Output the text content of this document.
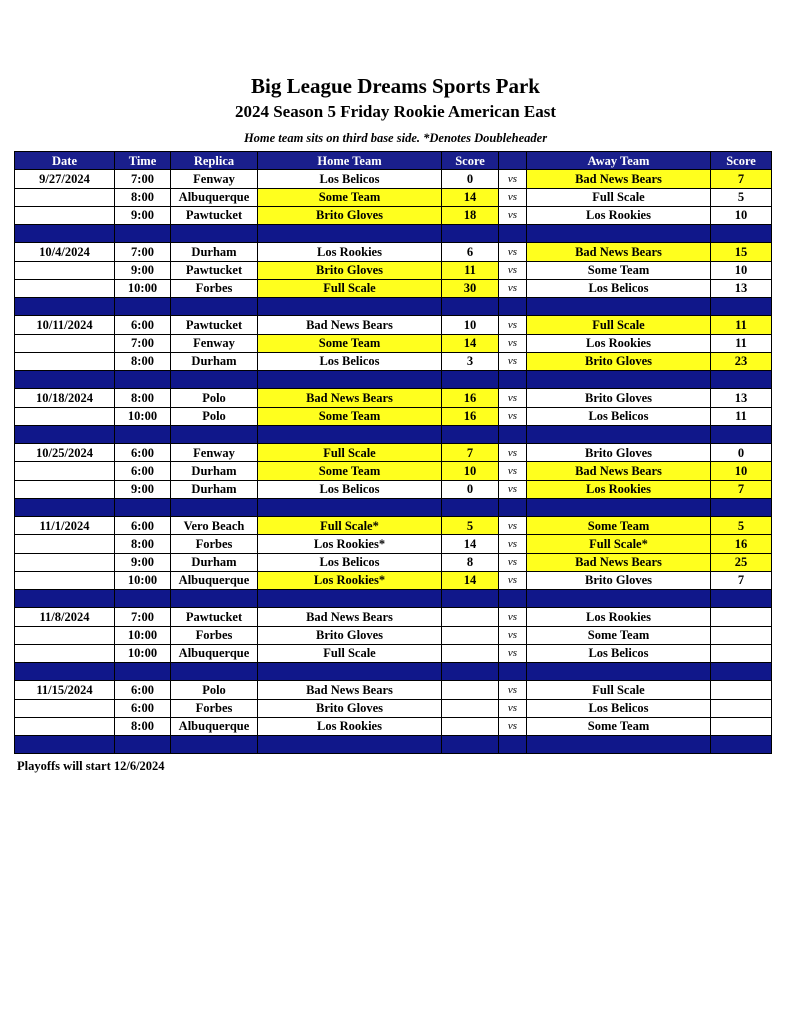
Big League Dreams Sports Park
2024 Season 5 Friday Rookie American East
Home team sits on third base side. *Denotes Doubleheader
Date	Time	Replica	Home Team	Score		Away Team	Score
9/27/2024	7:00	Fenway	Los Belicos	0	vs	Bad News Bears	7
	8:00	Albuquerque	Some Team	14	vs	Full Scale	5
	9:00	Pawtucket	Brito Gloves	18	vs	Los Rookies	10

10/4/2024	7:00	Durham	Los Rookies	6	vs	Bad News Bears	15
	9:00	Pawtucket	Brito Gloves	11	vs	Some Team	10
	10:00	Forbes	Full Scale	30	vs	Los Belicos	13

10/11/2024	6:00	Pawtucket	Bad News Bears	10	vs	Full Scale	11
	7:00	Fenway	Some Team	14	vs	Los Rookies	11
	8:00	Durham	Los Belicos	3	vs	Brito Gloves	23

10/18/2024	8:00	Polo	Bad News Bears	16	vs	Brito Gloves	13
	10:00	Polo	Some Team	16	vs	Los Belicos	11

10/25/2024	6:00	Fenway	Full Scale	7	vs	Brito Gloves	0
	6:00	Durham	Some Team	10	vs	Bad News Bears	10
	9:00	Durham	Los Belicos	0	vs	Los Rookies	7

11/1/2024	6:00	Vero Beach	Full Scale*	5	vs	Some Team	5
	8:00	Forbes	Los Rookies*	14	vs	Full Scale*	16
	9:00	Durham	Los Belicos	8	vs	Bad News Bears	25
	10:00	Albuquerque	Los Rookies*	14	vs	Brito Gloves	7

11/8/2024	7:00	Pawtucket	Bad News Bears		vs	Los Rookies	
	10:00	Forbes	Brito Gloves		vs	Some Team	
	10:00	Albuquerque	Full Scale		vs	Los Belicos	

11/15/2024	6:00	Polo	Bad News Bears		vs	Full Scale	
	6:00	Forbes	Brito Gloves		vs	Los Belicos	
	8:00	Albuquerque	Los Rookies		vs	Some Team	

Playoffs will start 12/6/2024
